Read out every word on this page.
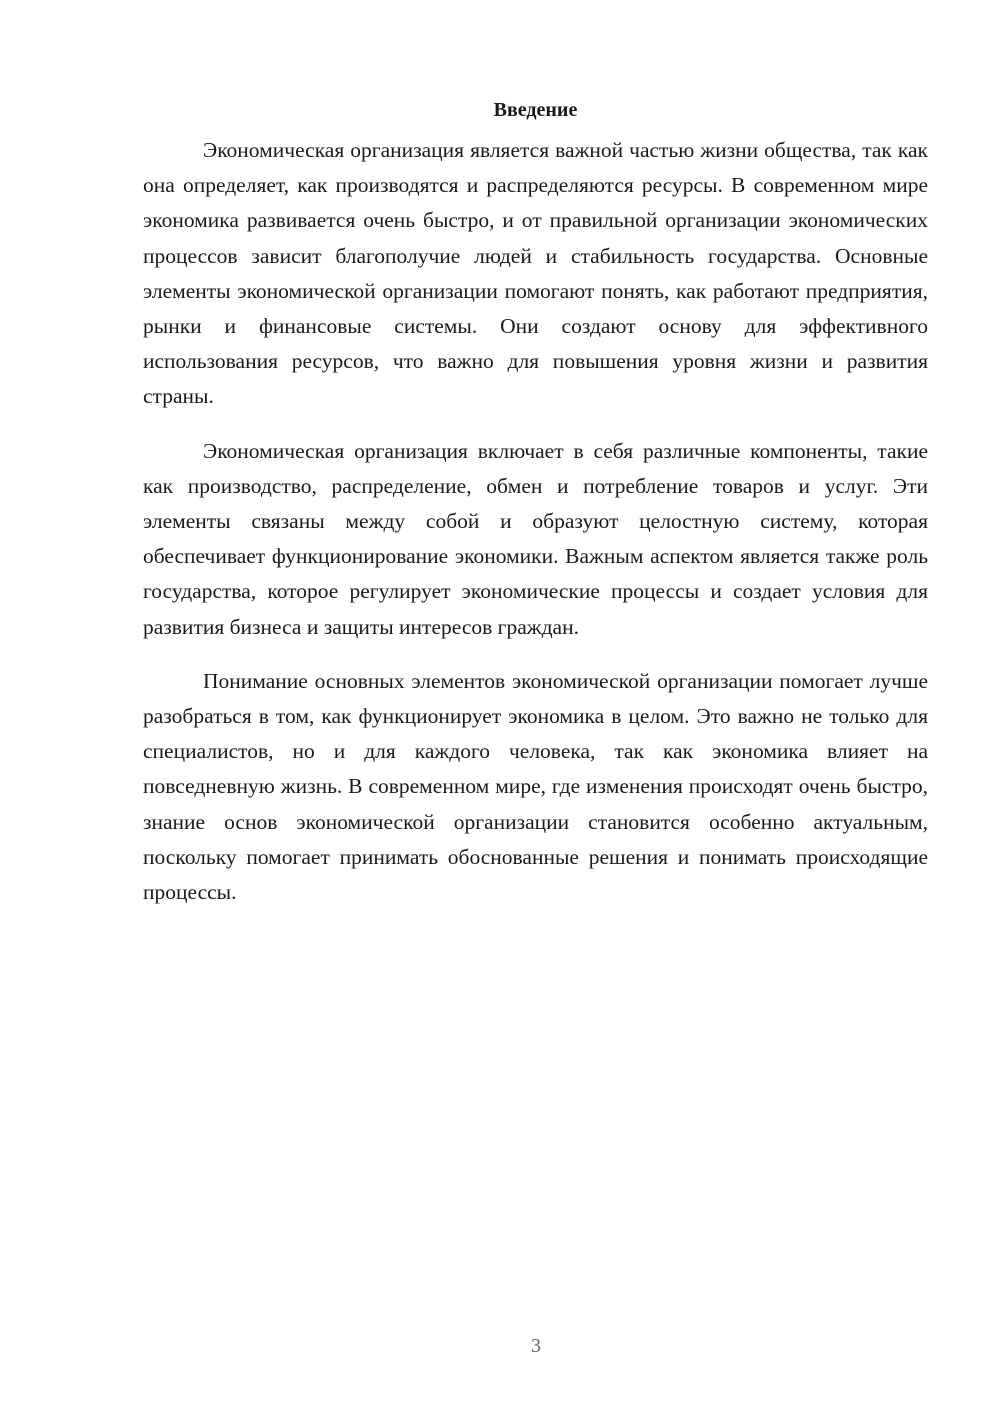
Введение

Экономическая организация является важной частью жизни общества, так как она определяет, как производятся и распределяются ресурсы. В современном мире экономика развивается очень быстро, и от правильной организации экономических процессов зависит благополучие людей и стабильность государства. Основные элементы экономической организации помогают понять, как работают предприятия, рынки и финансовые системы. Они создают основу для эффективного использования ресурсов, что важно для повышения уровня жизни и развития страны.

Экономическая организация включает в себя различные компоненты, такие как производство, распределение, обмен и потребление товаров и услуг. Эти элементы связаны между собой и образуют целостную систему, которая обеспечивает функционирование экономики. Важным аспектом является также роль государства, которое регулирует экономические процессы и создает условия для развития бизнеса и защиты интересов граждан.

Понимание основных элементов экономической организации помогает лучше разобраться в том, как функционирует экономика в целом. Это важно не только для специалистов, но и для каждого человека, так как экономика влияет на повседневную жизнь. В современном мире, где изменения происходят очень быстро, знание основ экономической организации становится особенно актуальным, поскольку помогает принимать обоснованные решения и понимать происходящие процессы.

3
